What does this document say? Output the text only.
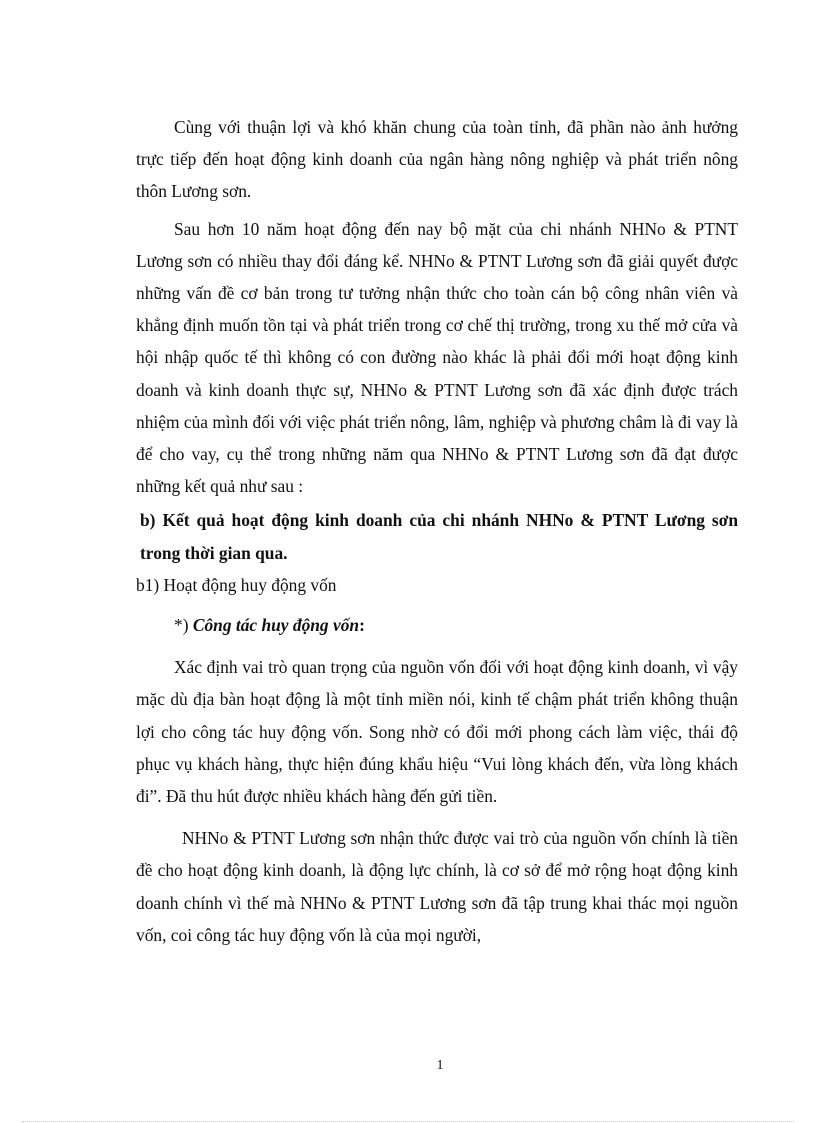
Cùng với thuận lợi và khó khăn chung của toàn tỉnh, đã phần nào ảnh hưởng trực tiếp đến hoạt động kinh doanh của ngân hàng nông nghiệp và phát triển nông thôn Lương sơn.

Sau hơn 10 năm hoạt động đến nay bộ mặt của chi nhánh NHNo & PTNT Lương sơn có nhiều thay đổi đáng kể. NHNo & PTNT Lương sơn đã giải quyết được những vấn đề cơ bản trong tư tưởng nhận thức cho toàn cán bộ công nhân viên và khẳng định muốn tồn tại và phát triển trong cơ chế thị trường, trong xu thế mở cửa và hội nhập quốc tế thì không có con đường nào khác là phải đổi mới hoạt động kinh doanh và kinh doanh thực sự, NHNo & PTNT Lương sơn đã xác định được trách nhiệm của mình đối với việc phát triển nông, lâm, nghiệp và phương châm là đi vay là để cho vay, cụ thể trong những năm qua NHNo & PTNT Lương sơn đã đạt được những kết quả như sau :

b) Kết quả hoạt động kinh doanh của chi nhánh NHNo & PTNT Lương sơn trong thời gian qua.

b1) Hoạt động huy động vốn

*) Công tác huy động vốn:

Xác định vai trò quan trọng của nguồn vốn đối với hoạt động kinh doanh, vì vậy mặc dù địa bàn hoạt động là một tỉnh miền nói, kinh tế chậm phát triển không thuận lợi cho công tác huy động vốn. Song nhờ có đổi mới phong cách làm việc, thái độ phục vụ khách hàng, thực hiện đúng khẩu hiệu “Vui lòng khách đến, vừa lòng khách đi”. Đã thu hút được nhiều khách hàng đến gửi tiền.

NHNo & PTNT Lương sơn nhận thức được vai trò của nguồn vốn chính là tiền đề cho hoạt động kinh doanh, là động lực chính, là cơ sở để mở rộng hoạt động kinh doanh chính vì thế mà NHNo & PTNT Lương sơn đã tập trung khai thác mọi nguồn vốn, coi công tác huy động vốn là của mọi người,

1
